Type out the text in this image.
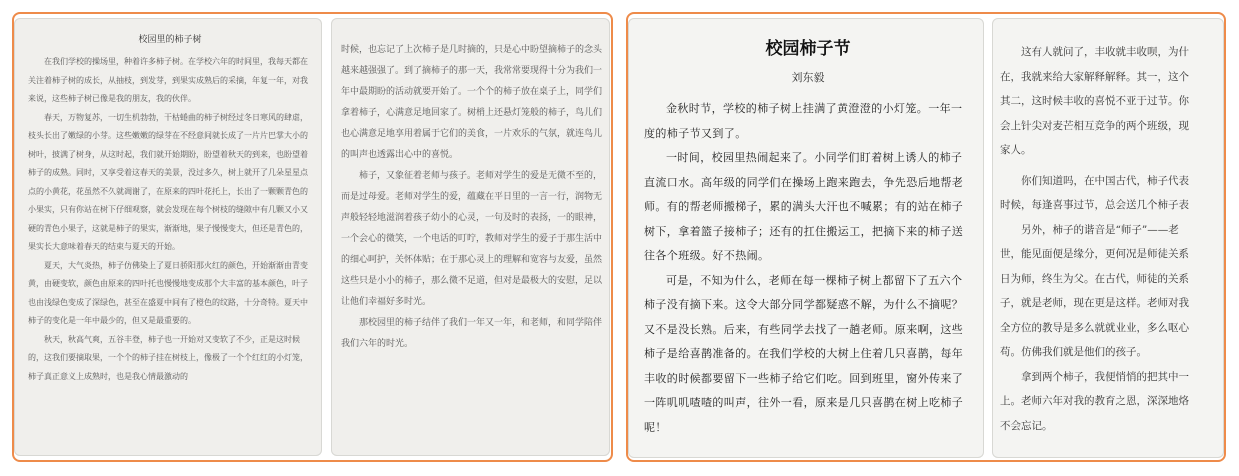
校园里的柿子树

在我们学校的操场里，种着许多柿子树。在学校六年的时间里，我每天都在关注着柿子树的成长，从抽枝，到发芽，到果实成熟后的采摘，年复一年，对我来说，这些柿子树已像是我的朋友，我的伙伴。

春天，万物复苏，一切生机勃勃，干枯蜷曲的柿子树经过冬日寒风的肆虐，枝头长出了嫩绿的小芽。这些嫩嫩的绿芽在不经意间就长成了一片片巴掌大小的树叶，披满了树身，从这时起，我们就开始期盼，盼望着秋天的到来，也盼望着柿子的成熟。同时，又享受着这春天的美景，没过多久，树上就开了几朵星星点点的小黄花，花虽然不久就凋谢了，在原来的四叶花托上，长出了一颗颗青色的小果实，只有你站在树下仔细观察，就会发现在每个树枝的缝隙中有几颗又小又硬的青色小果子，这就是柿子的果实，渐渐地，果子慢慢变大，但还是青色的，果实长大意味着春天的结束与夏天的开始。

夏天，大气炎热，柿子仿佛染上了夏日骄阳那火红的颜色，开始渐渐由青变黄，由硬变软，颜色由原来的四叶托也慢慢地变成那个大丰富的基本颜色，叶子也由浅绿色变成了深绿色，甚至在盛夏中间有了橙色的纹路，十分奇特。夏天中柿子的变化是一年中最少的，但又是最重要的。

秋天，秋高气爽，五谷丰登，柿子也一开始对又变软了不少，正是这时候的，这我们要摘取果，一个个的柿子挂在树枝上，像极了一个个红红的小灯笼，柿子真正意义上成熟时，也是我心情最激动的

时候，也忘记了上次柿子是几时摘的，只是心中盼望摘柿子的念头越来越强强了。到了摘柿子的那一天，我常常要现得十分为我们一年中最期盼的活动就要开始了。一个个的柿子放在桌子上，同学们拿着柿子，心满意足地回家了。树梢上还悬灯笼般的柿子，鸟儿们也心满意足地享用着属于它们的美食，一片欢乐的气氛，就连鸟儿的叫声也透露出心中的喜悦。

柿子，又象征着老师与孩子。老师对学生的爱是无微不至的，而是过母爱。老师对学生的爱，蕴藏在平日里的一言一行，润物无声般轻轻地滋润着孩子幼小的心灵，一句及时的表扬，一的眼神，一个会心的微笑，一个电话的叮咛，教师对学生的爱子于那生活中的细心呵护，关怀体贴；在于那心灵上的理解和宽容与友爱，虽然这些只是小小的柿子，那么微不足道，但对是最极大的安慰，足以让他们幸福好多时光。

那校园里的柿子结伴了我们一年又一年，和老师，和同学陪伴我们六年的时光。

校园柿子节
刘东毅

金秋时节，学校的柿子树上挂满了黄澄澄的小灯笼。一年一度的柿子节又到了。

一时间，校园里热闹起来了。小同学们盯着树上诱人的柿子直流口水。高年级的同学们在操场上跑来跑去，争先恐后地帮老师。有的帮老师搬梯子，累的满头大汗也不喊累；有的站在柿子树下，拿着篮子接柿子；还有的扛住搬运工，把摘下来的柿子送往各个班级。好不热闹。

可是，不知为什么，老师在每一棵柿子树上都留下了五六个柿子没有摘下来。这令大部分同学都疑惑不解，为什么不摘呢？又不是没长熟。后来，有些同学去找了一趟老师。原来啊，这些柿子是给喜鹊准备的。在我们学校的大树上住着几只喜鹊，每年丰收的时候都要留下一些柿子给它们吃。回到班里，窗外传来了一阵叽叽喳喳的叫声，往外一看，原来是几只喜鹊在树上吃柿子呢！

这有人就问了，丰收就丰收呗，为什

在，我就来给大家解释解释。其一，这个

其二，这时候丰收的喜悦不亚于过节。你

会上针尖对麦芒相互竞争的两个班级，现

家人。

你们知道吗，在中国古代，柿子代表

时候，每逢喜事过节，总会送几个柿子表

另外，柿子的谐音是“师子”——老

世，能见面便是缘分，更何况是师徒关系

日为师，终生为父。在古代，师徒的关系

子，就是老师，现在更是这样。老师对我

全方位的教导是多么就就业业，多么呕心

苟。仿佛我们就是他们的孩子。

拿到两个柿子，我便悄悄的把其中一

上。老师六年对我的教育之恩，深深地烙

不会忘记。
